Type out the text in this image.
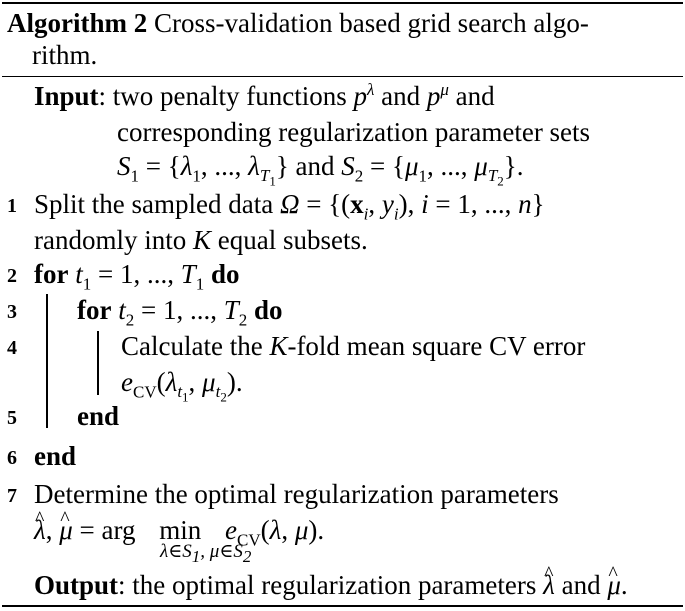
Algorithm 2 Cross-validation based grid search algo-
rithm.
Input: two penalty functions $p^\lambda$ and $p^\mu$ and
corresponding regularization parameter sets
$S_1 = \{\lambda_1$, ..., $\lambda_{T_1}$} and $S_2 = \{\mu_1$, ..., $\mu_{T_2}$}.
1 Split the sampled data $\Omega = \{(x_i$, $y_i$), i = 1, ..., n}
randomly into K equal subsets.
2 for $t_1 = 1$, ..., $T_1$ do
3 for $t_2 = 1$, ..., $T_2$ do
4	Calculate the K-fold mean square CV error
$e_{CV}(\lambda_{t_1}$, $\mu_{t_2}$).
5 end
6 end
7 Determine the optimal regularization parameters
^ λ, ^ μ = arg $\min e_{CV}(\lambda$, μ).
$\lambda\in S_1$, $\mu\in S_2$
Output: the optimal regularization parameters ^ λ and ^ μ.
